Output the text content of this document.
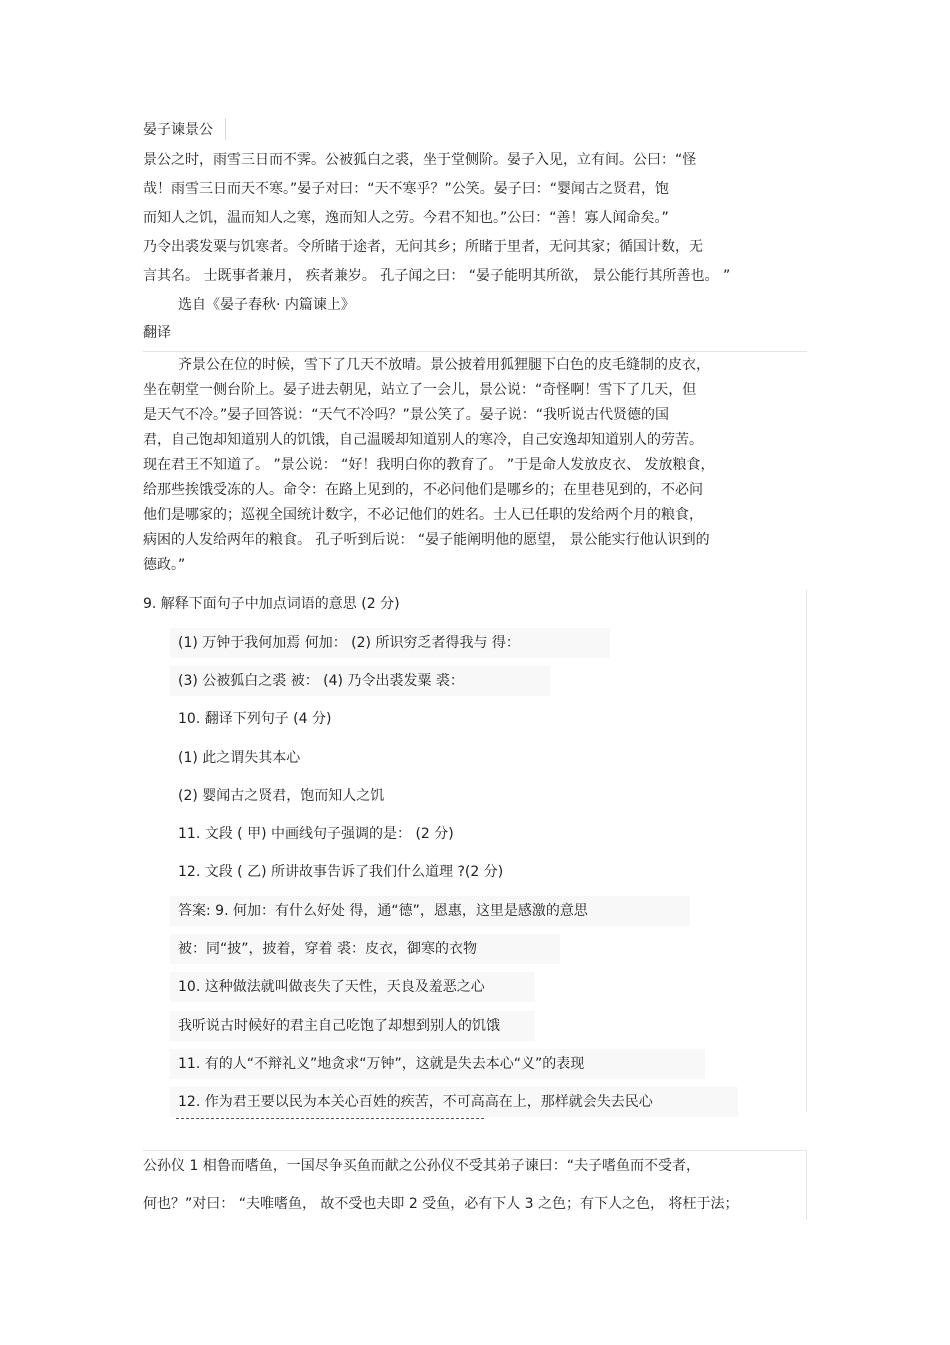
晏子谏景公
景公之时，雨雪三日而不霁。公被狐白之裘，坐于堂侧阶。晏子入见，立有间。公曰：“怪
哉！雨雪三日而天不寒。”晏子对曰：“天不寒乎？”公笑。晏子曰：“婴闻古之贤君，饱
而知人之饥，温而知人之寒，逸而知人之劳。今君不知也。”公曰：“善！寡人闻命矣。”
乃令出裘发粟与饥寒者。令所睹于途者，无问其乡；所睹于里者，无问其家；循国计数，无
言其名。 士既事者兼月， 疾者兼岁。 孔子闻之曰： “晏子能明其所欲， 景公能行其所善也。 ”
选自《晏子春秋· 内篇谏上》
翻译
齐景公在位的时候，雪下了几天不放晴。景公披着用狐狸腿下白色的皮毛缝制的皮衣，
坐在朝堂一侧台阶上。晏子进去朝见，站立了一会儿，景公说：“奇怪啊！雪下了几天，但
是天气不冷。”晏子回答说：“天气不冷吗？”景公笑了。晏子说：“我听说古代贤德的国
君，自己饱却知道别人的饥饿，自己温暖却知道别人的寒冷，自己安逸却知道别人的劳苦。
现在君王不知道了。 ”景公说： “好！我明白你的教育了。 ”于是命人发放皮衣、 发放粮食，
给那些挨饿受冻的人。命令：在路上见到的，不必问他们是哪乡的；在里巷见到的，不必问
他们是哪家的；巡视全国统计数字，不必记他们的姓名。士人已任职的发给两个月的粮食，
病困的人发给两年的粮食。 孔子听到后说： “晏子能阐明他的愿望， 景公能实行他认识到的
德政。”
9. 解释下面句子中加点词语的意思 (2 分)
(1) 万钟于我何加焉 何加： (2) 所识穷乏者得我与 得：
(3) 公被狐白之裘 被： (4) 乃令出裘发粟 裘：
10. 翻译下列句子 (4 分)
(1) 此之谓失其本心
(2) 婴闻古之贤君，饱而知人之饥
11. 文段 ( 甲) 中画线句子强调的是： (2 分)
12. 文段 ( 乙) 所讲故事告诉了我们什么道理 ?(2 分)
答案: 9. 何加：有什么好处 得，通“德”，恩惠，这里是感激的意思
被：同“披”，披着，穿着 裘：皮衣，御寒的衣物
10. 这种做法就叫做丧失了天性，天良及羞恶之心
我听说古时候好的君主自己吃饱了却想到别人的饥饿
11. 有的人“不辩礼义”地贪求“万钟”，这就是失去本心“义”的表现
12. 作为君王要以民为本关心百姓的疾苦，不可高高在上，那样就会失去民心
公孙仪 1 相鲁而嗜鱼，一国尽争买鱼而献之公孙仪不受其弟子谏曰：“夫子嗜鱼而不受者，
何也？”对曰： “夫唯嗜鱼， 故不受也夫即 2 受鱼，必有下人 3 之色；有下人之色， 将枉于法；
